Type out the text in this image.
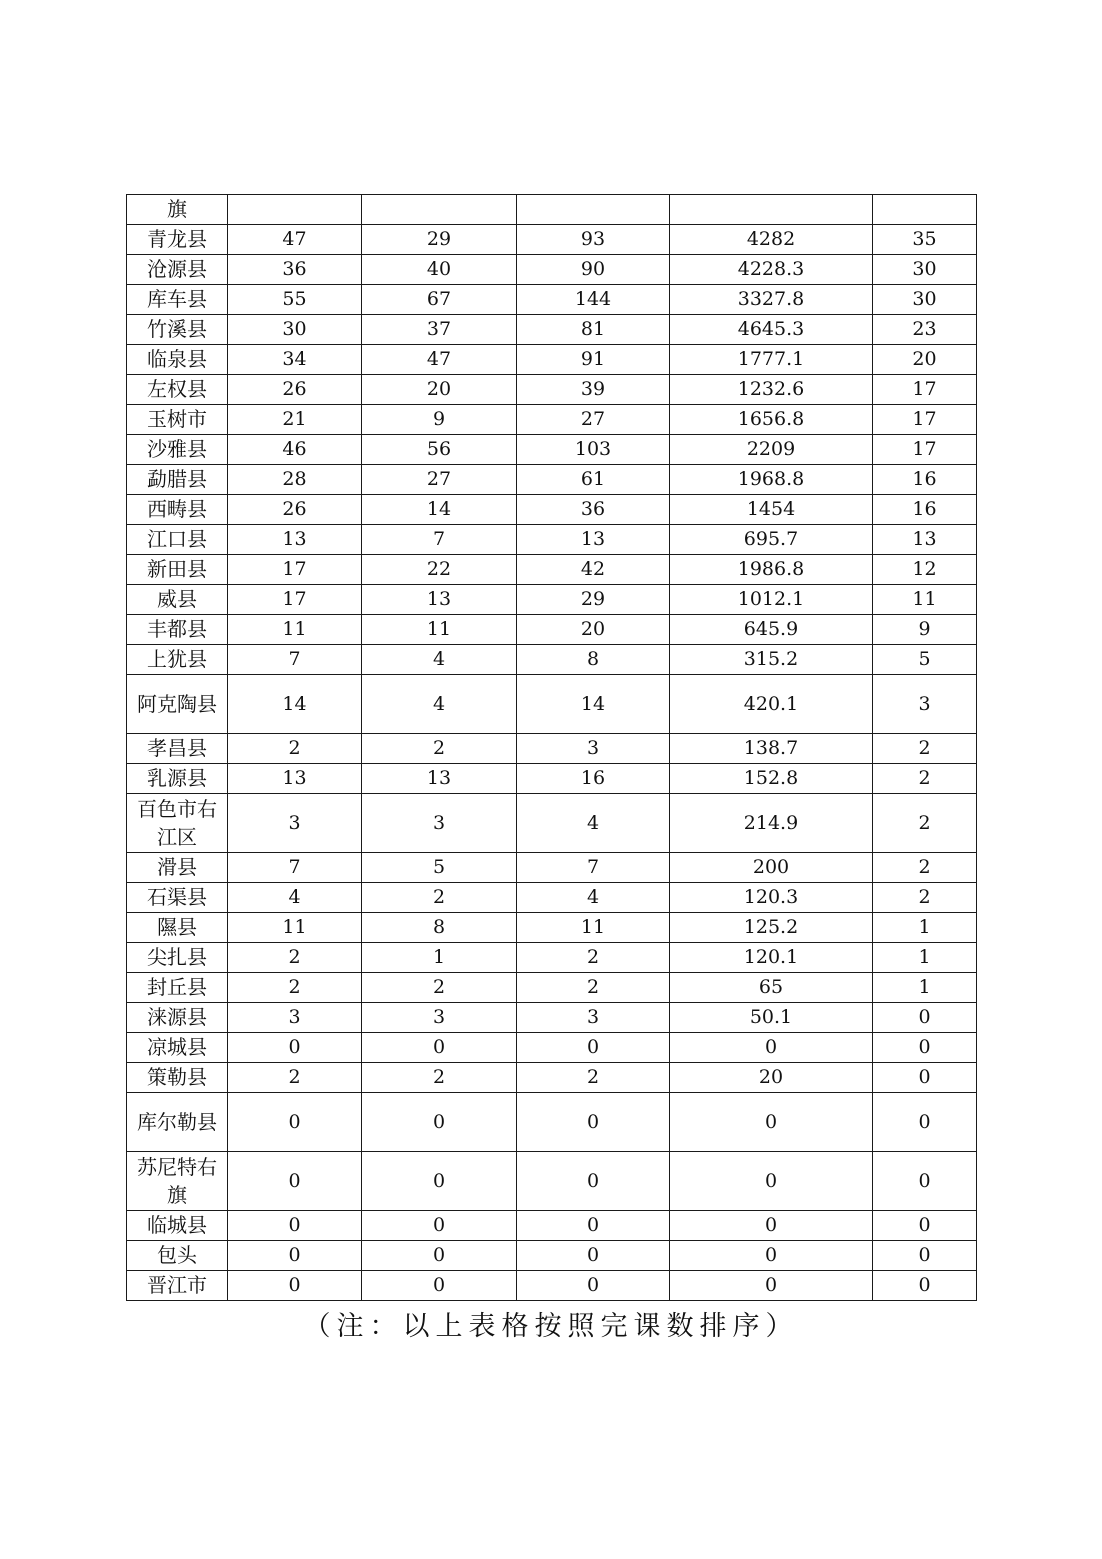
旗					
青龙县	47	29	93	4282	35
沧源县	36	40	90	4228.3	30
库车县	55	67	144	3327.8	30
竹溪县	30	37	81	4645.3	23
临泉县	34	47	91	1777.1	20
左权县	26	20	39	1232.6	17
玉树市	21	9	27	1656.8	17
沙雅县	46	56	103	2209	17
勐腊县	28	27	61	1968.8	16
西畴县	26	14	36	1454	16
江口县	13	7	13	695.7	13
新田县	17	22	42	1986.8	12
威县	17	13	29	1012.1	11
丰都县	11	11	20	645.9	9
上犹县	7	4	8	315.2	5
阿克陶县	14	4	14	420.1	3
孝昌县	2	2	3	138.7	2
乳源县	13	13	16	152.8	2
百色市右江区	3	3	4	214.9	2
滑县	7	5	7	200	2
石渠县	4	2	4	120.3	2
隰县	11	8	11	125.2	1
尖扎县	2	1	2	120.1	1
封丘县	2	2	2	65	1
涞源县	3	3	3	50.1	0
凉城县	0	0	0	0	0
策勒县	2	2	2	20	0
库尔勒县	0	0	0	0	0
苏尼特右旗	0	0	0	0	0
临城县	0	0	0	0	0
包头	0	0	0	0	0
晋江市	0	0	0	0	0
（注：以上表格按照完课数排序）
